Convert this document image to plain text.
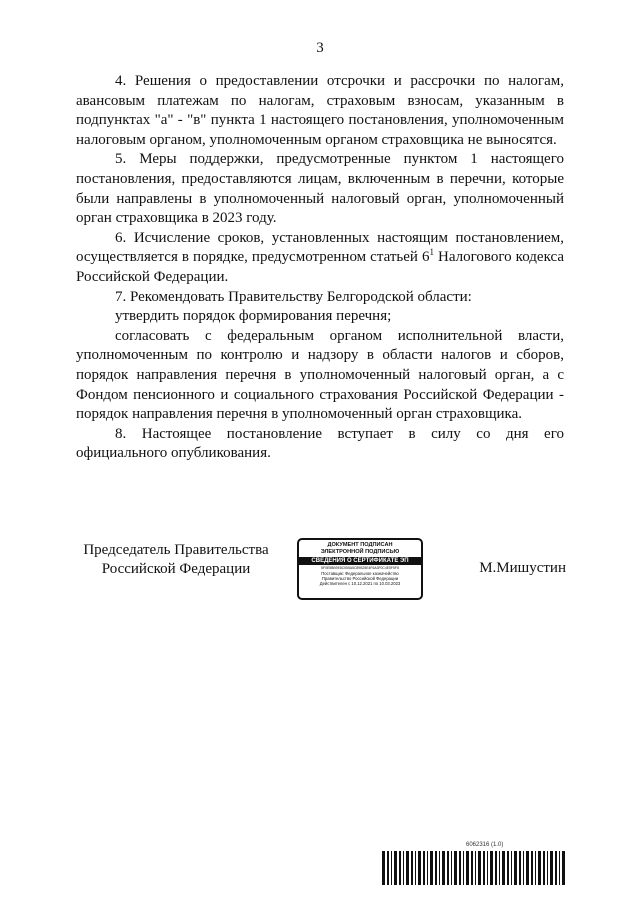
3

4. Решения о предоставлении отсрочки и рассрочки по налогам, авансовым платежам по налогам, страховым взносам, указанным в подпунктах "а" - "в" пункта 1 настоящего постановления, уполномоченным налоговым органом, уполномоченным органом страховщика не выносятся.

5. Меры поддержки, предусмотренные пунктом 1 настоящего постановления, предоставляются лицам, включенным в перечни, которые были направлены в уполномоченный налоговый орган, уполномоченный орган страховщика в 2023 году.

6. Исчисление сроков, установленных настоящим постановлением, осуществляется в порядке, предусмотренном статьей $6^1$ Налогового кодекса Российской Федерации.

7. Рекомендовать Правительству Белгородской области:

утвердить порядок формирования перечня;

согласовать с федеральным органом исполнительной власти, уполномоченным по контролю и надзору в области налогов и сборов, порядок направления перечня в уполномоченный налоговый орган, а с Фондом пенсионного и социального страхования Российской Федерации - порядок направления перечня в уполномоченный орган страховщика.

8. Настоящее постановление вступает в силу со дня его официального опубликования.

Председатель Правительства
Российской Федерации
ДОКУМЕНТ ПОДПИСАН
ЭЛЕКТРОННОЙ ПОДПИСЬЮ
СВЕДЕНИЯ О СЕРТИФИКАТЕ ЭП
5F0E5BB9E8C555A5C89B25E4F6A3F0C4E5F5F8
Поставщик: Федеральное казначейство
Правительство Российской Федерации
Действителен с 10.12.2021 по 10.03.2023
М.Мишустин
6062316 (1.0)
